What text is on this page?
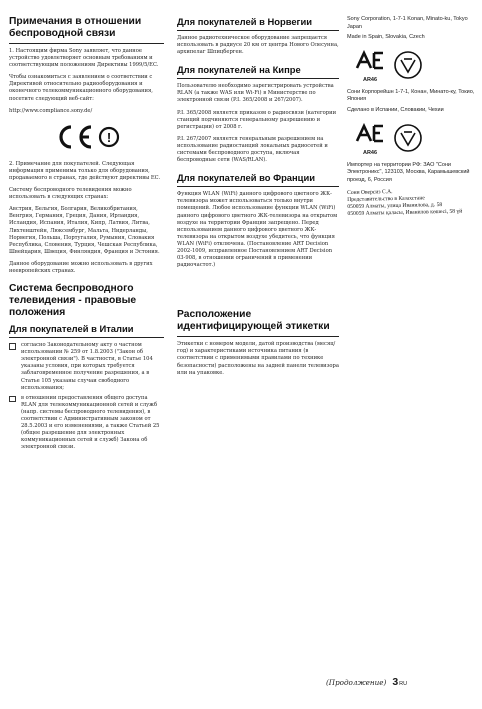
Примечания в отношении беспроводной связи

1. Настоящим фирма Sony заявляет, что данное устройство удовлетворяет основным требованиям и соответствующим положениям Директивы 1999/5/ЕС.

Чтобы ознакомиться с заявлением о соответствии с Директивой относительно радиооборудования и оконечного телекоммуникационного оборудования, посетите следующий веб-сайт:

http://www.compliance.sony.de/

!

2. Примечание для покупателей. Следующая информация применима только для оборудования, продаваемого в странах, где действуют директивы ЕС.

Систему беспроводного телевидения можно использовать в следующих странах:

Австрия, Бельгия, Болгария, Великобритания, Венгрия, Германия, Греция, Дания, Ирландия, Исландия, Испания, Италия, Кипр, Латвия, Литва, Лихтенштейн, Люксембург, Мальта, Нидерланды, Норвегия, Польша, Португалия, Румыния, Словакия Республика, Словения, Турция, Чешская Республика, Швейцария, Швеция, Финляндия, Франция и Эстония.

Данное оборудование можно использовать в других неевропейских странах.

Система беспроводного телевидения - правовые положения
Для покупателей в Италии
согласно Законодательному акту о частном использовании № 259 от 1.8.2003 ("Закон об электронной связи"). В частности, в Статье 104 указаны условия, при которых требуется заблаговременное получение разрешения, а в Статье 105 указаны случаи свободного использования;
в отношении предоставления общего доступа RLAN для телекоммуникационной сетей и служб (напр. системы беспроводного телевидения), в соответствии с Административным законом от 28.5.2003 и его изменениями, а также Статьей 25 (общее разрешение для электронных коммуникационных сетей и служб) Закона об электронной связи.
Для покупателей в Норвегии

Данное радиотехническое оборудование запрещается использовать в радиусе 20 км от центра Нового Олесунна, архипелаг Шпицберген.

Для покупателей на Кипре

Пользователю необходимо зарегистрировать устройства RLAN (а также WAS или Wi-Fi) в Министерстве по электронной связи (P.I. 365/2008 и 267/2007).

P.I. 365/2008 является приказом о радиосвязи (категории станций подчиняются генеральному разрешению и регистрации) от 2008 г.

P.I. 267/2007 является генеральным разрешением на использование радиостанций локальных радиосетей и системами беспроводного доступа, включая беспроводные сети (WAS/RLAN).

Для покупателей во Франции

Функция WLAN (WiFi) данного цифрового цветного ЖК-телевизора может использоваться только внутри помещений. Любое использование функции WLAN (WiFi) данного цифрового цветного ЖК-телевизора на открытом воздухе на территории Франции запрещено. Перед использованием данного цифрового цветного ЖК-телевизора на открытом воздухе убедитесь, что функция WLAN (WiFi) отключена. (Постановление ART Decision 2002-1009, исправленное Постановлением ART Decision 03-908, в отношении ограничений в применении радиочастот.)

Расположение идентифицирующей этикетки

Этикетки с номером модели, датой производства (месяц/год) и характеристиками источника питания (в соответствии с применимыми правилами по технике безопасности) расположены на задней панели телевизора или на упаковке.

Sony Corporation, 1-7-1 Konan, Minato-ku, Tokyo Japan

Made in Spain, Slovakia, Czech

AR46

Сони Корпорейшн 1-7-1, Конан, Минато-ку, Токио, Япония

Сделано в Испании, Словакии, Чехии

AR46

Импортер на территории РФ: ЗАО "Сони Электроникс", 123103, Москва, Карамышевский проезд, 6, Россия

Сони Оверсиз С.А.
Представительство в Казахстане
050059 Алматы, улица Иванилова, д. 58
050059 Алматы қаласы, Иванилов көшесі, 58 үй
(Продолжение) 3 RU
